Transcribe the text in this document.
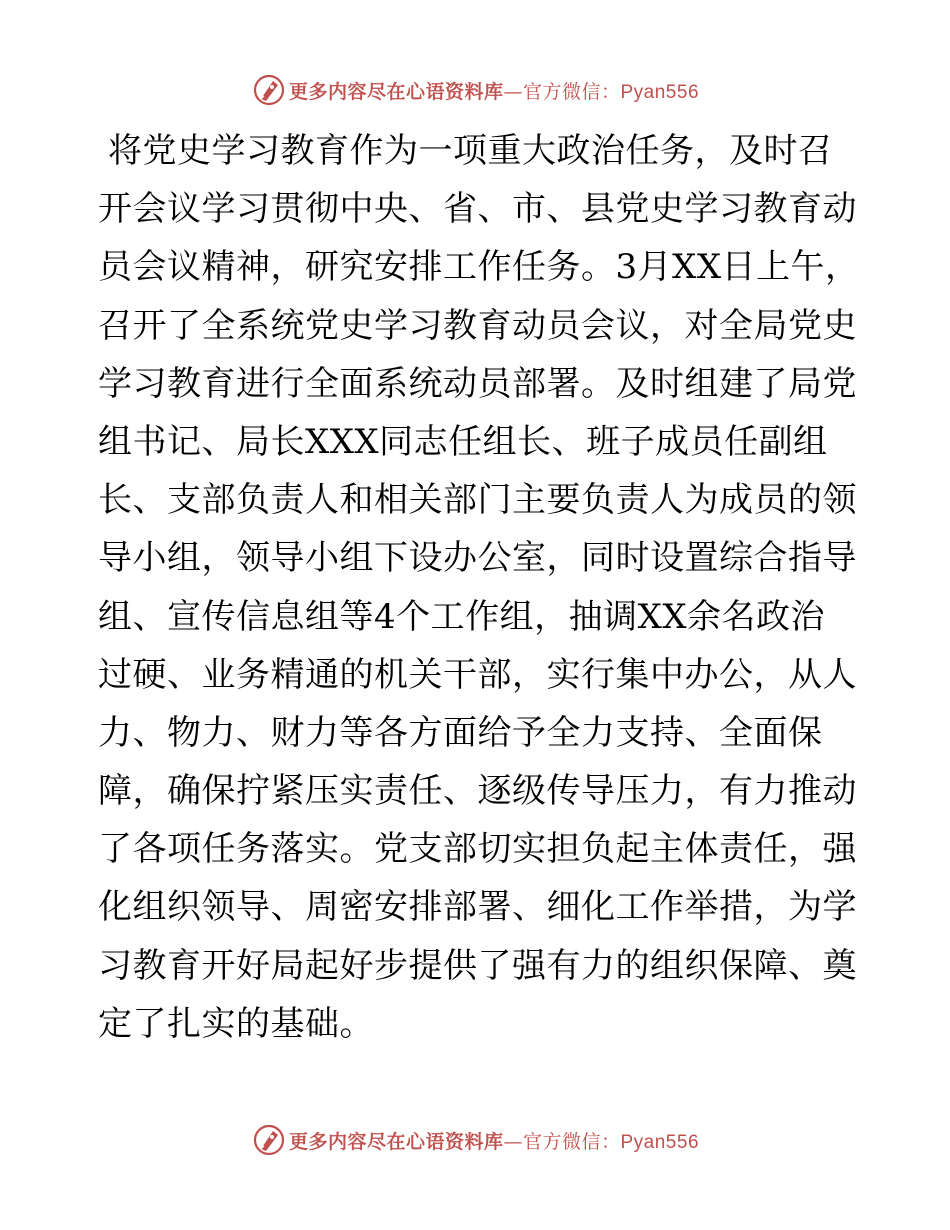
更多内容尽在心语资料库—官方微信：Pyan556
将党史学习教育作为一项重大政治任务，及时召
开会议学习贯彻中央、省、市、县党史学习教育动
员会议精神，研究安排工作任务。3月XX日上午，
召开了全系统党史学习教育动员会议，对全局党史
学习教育进行全面系统动员部署。及时组建了局党
组书记、局长XXX同志任组长、班子成员任副组
长、支部负责人和相关部门主要负责人为成员的领
导小组，领导小组下设办公室，同时设置综合指导
组、宣传信息组等4个工作组，抽调XX余名政治
过硬、业务精通的机关干部，实行集中办公，从人
力、物力、财力等各方面给予全力支持、全面保
障，确保拧紧压实责任、逐级传导压力，有力推动
了各项任务落实。党支部切实担负起主体责任，强
化组织领导、周密安排部署、细化工作举措，为学
习教育开好局起好步提供了强有力的组织保障、奠
定了扎实的基础。
更多内容尽在心语资料库—官方微信：Pyan556
